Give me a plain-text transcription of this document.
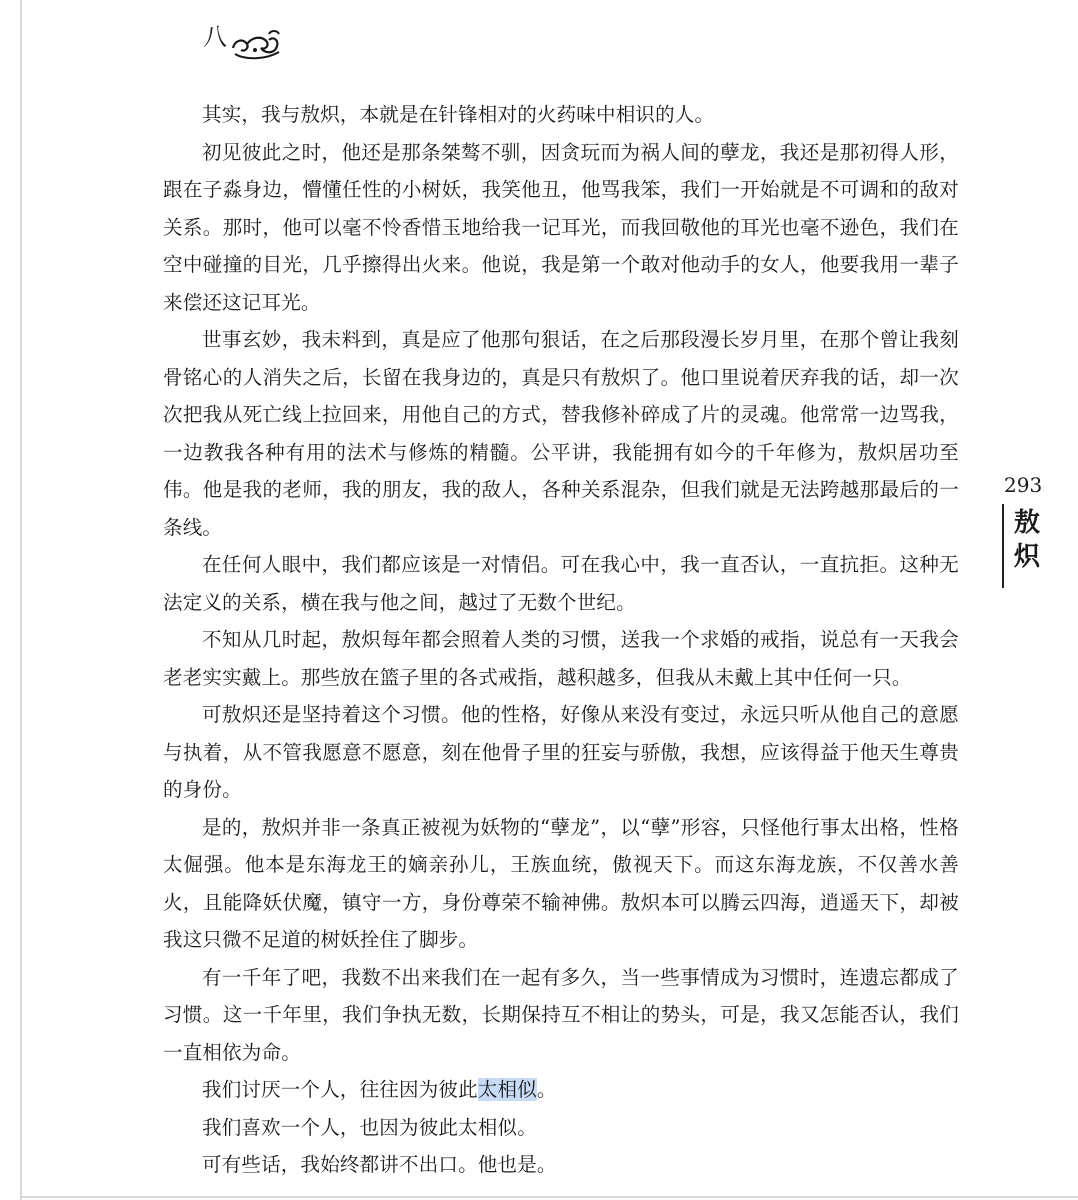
八

其实，我与敖炽，本就是在针锋相对的火药味中相识的人。

初见彼此之时，他还是那条桀骜不驯，因贪玩而为祸人间的孽龙，我还是那初得人形，跟在子淼身边，懵懂任性的小树妖，我笑他丑，他骂我笨，我们一开始就是不可调和的敌对关系。那时，他可以毫不怜香惜玉地给我一记耳光，而我回敬他的耳光也毫不逊色，我们在空中碰撞的目光，几乎擦得出火来。他说，我是第一个敢对他动手的女人，他要我用一辈子来偿还这记耳光。

世事玄妙，我未料到，真是应了他那句狠话，在之后那段漫长岁月里，在那个曾让我刻骨铭心的人消失之后，长留在我身边的，真是只有敖炽了。他口里说着厌弃我的话，却一次次把我从死亡线上拉回来，用他自己的方式，替我修补碎成了片的灵魂。他常常一边骂我，一边教我各种有用的法术与修炼的精髓。公平讲，我能拥有如今的千年修为，敖炽居功至伟。他是我的老师，我的朋友，我的敌人，各种关系混杂，但我们就是无法跨越那最后的一条线。

在任何人眼中，我们都应该是一对情侣。可在我心中，我一直否认，一直抗拒。这种无法定义的关系，横在我与他之间，越过了无数个世纪。

不知从几时起，敖炽每年都会照着人类的习惯，送我一个求婚的戒指，说总有一天我会老老实实戴上。那些放在篮子里的各式戒指，越积越多，但我从未戴上其中任何一只。

可敖炽还是坚持着这个习惯。他的性格，好像从来没有变过，永远只听从他自己的意愿与执着，从不管我愿意不愿意，刻在他骨子里的狂妄与骄傲，我想，应该得益于他天生尊贵的身份。

是的，敖炽并非一条真正被视为妖物的“孽龙”，以“孽”形容，只怪他行事太出格，性格太倔强。他本是东海龙王的嫡亲孙儿，王族血统，傲视天下。而这东海龙族，不仅善水善火，且能降妖伏魔，镇守一方，身份尊荣不输神佛。敖炽本可以腾云四海，逍遥天下，却被我这只微不足道的树妖拴住了脚步。

有一千年了吧，我数不出来我们在一起有多久，当一些事情成为习惯时，连遗忘都成了习惯。这一千年里，我们争执无数，长期保持互不相让的势头，可是，我又怎能否认，我们一直相依为命。

我们讨厌一个人，往往因为彼此太相似。

我们喜欢一个人，也因为彼此太相似。

可有些话，我始终都讲不出口。他也是。

293
敖炽
